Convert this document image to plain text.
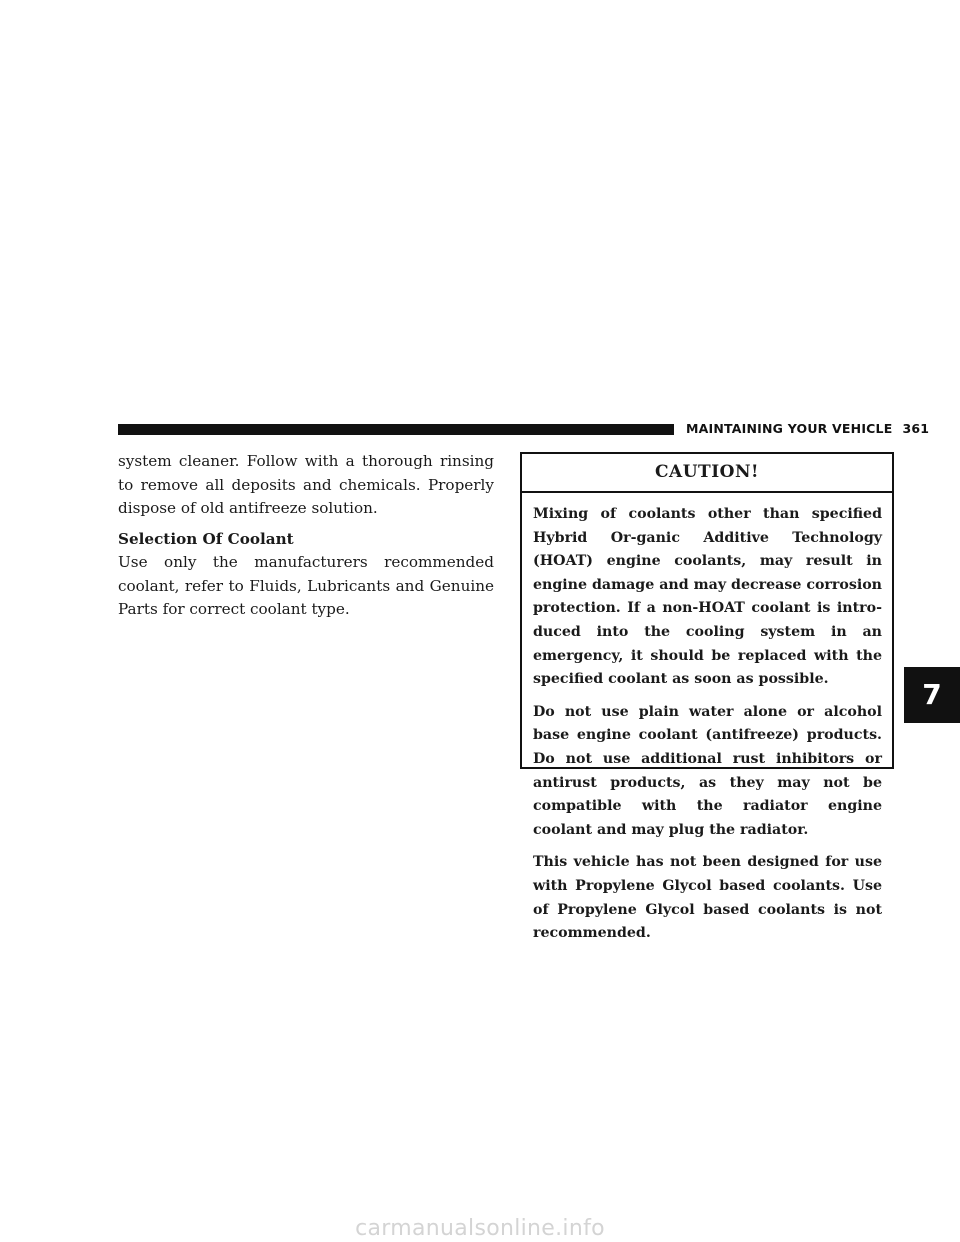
MAINTAINING YOUR VEHICLE 361

system cleaner. Follow with a thorough rinsing to remove all deposits and chemicals. Properly dispose of old antifreeze solution.

Selection Of Coolant

Use only the manufacturers recommended coolant, refer to Fluids, Lubricants and Genuine Parts for correct coolant type.

CAUTION!

Mixing of coolants other than specified Hybrid Or-ganic Additive Technology (HOAT) engine coolants, may result in engine damage and may decrease corrosion protection. If a non-HOAT coolant is intro-duced into the cooling system in an emergency, it should be replaced with the specified coolant as soon as possible.

Do not use plain water alone or alcohol base engine coolant (antifreeze) products. Do not use additional rust inhibitors or antirust products, as they may not be compatible with the radiator engine coolant and may plug the radiator.

This vehicle has not been designed for use with Propylene Glycol based coolants. Use of Propylene Glycol based coolants is not recommended.

7
carmanualsonline.info
